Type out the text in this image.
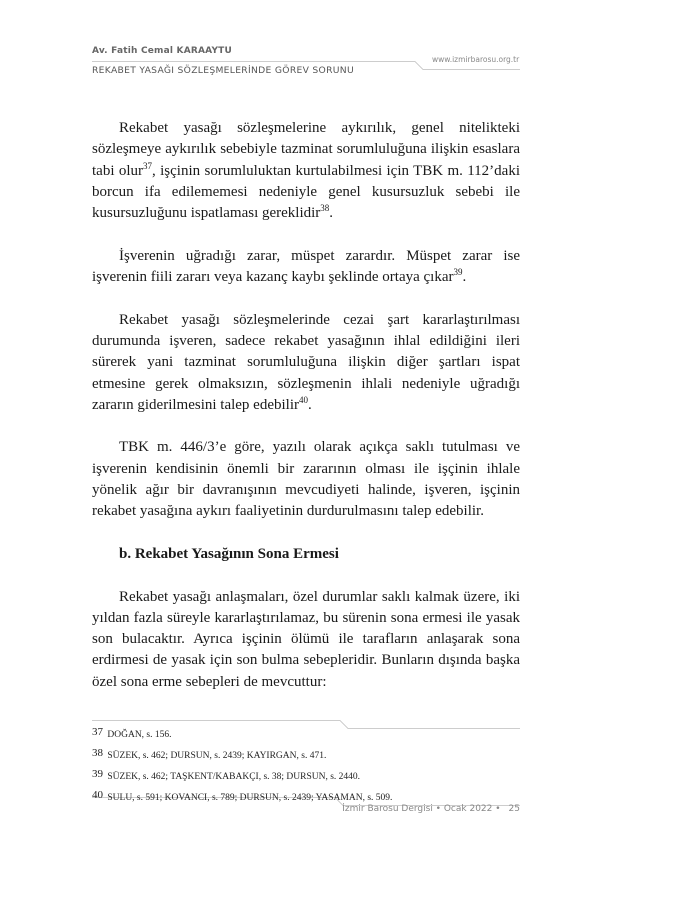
Av. Fatih Cemal KARAAYTU
REKABET YASAĞI SÖZLEŞMELERİNDE GÖREV SORUNU
www.izmirbarosu.org.tr

Rekabet yasağı sözleşmelerine aykırılık, genel nitelikteki sözleşmeye aykırılık sebebiyle tazminat sorumluluğuna ilişkin esaslara tabi olur$^{37}$, işçinin sorumluluktan kurtulabilmesi için TBK m. 112’daki borcun ifa edilememesi nedeniyle genel kusursuzluk sebebi ile kusursuzluğunu ispatlaması gereklidir$^{38}$.

İşverenin uğradığı zarar, müspet zarardır. Müspet zarar ise işverenin fiili zararı veya kazanç kaybı şeklinde ortaya çıkar$^{39}$.

Rekabet yasağı sözleşmelerinde cezai şart kararlaştırılması durumunda işveren, sadece rekabet yasağının ihlal edildiğini ileri sürerek yani tazminat sorumluluğuna ilişkin diğer şartları ispat etmesine gerek olmaksızın, sözleşmenin ihlali nedeniyle uğradığı zararın giderilmesini talep edebilir$^{40}$.

TBK m. 446/3’e göre, yazılı olarak açıkça saklı tutulması ve işverenin kendisinin önemli bir zararının olması ile işçinin ihlale yönelik ağır bir davranışının mevcudiyeti halinde, işveren, işçinin rekabet yasağına aykırı faaliyetinin durdurulmasını talep edebilir.

b. Rekabet Yasağının Sona Ermesi

Rekabet yasağı anlaşmaları, özel durumlar saklı kalmak üzere, iki yıldan fazla süreyle kararlaştırılamaz, bu sürenin sona ermesi ile yasak son bulacaktır. Ayrıca işçinin ölümü ile tarafların anlaşarak sona erdirmesi de yasak için son bulma sebepleridir. Bunların dışında başka özel sona erme sebepleri de mevcuttur:

37 DOĞAN, s. 156.
38 SÜZEK, s. 462; DURSUN, s. 2439; KAYIRGAN, s. 471.
39 SÜZEK, s. 462; TAŞKENT/KABAKÇI, s. 38; DURSUN, s. 2440.
40 SULU, s. 591; KOVANCI, s. 789; DURSUN, s. 2439; YASAMAN, s. 509.
İzmir Barosu Dergisi • Ocak 2022 • 25
